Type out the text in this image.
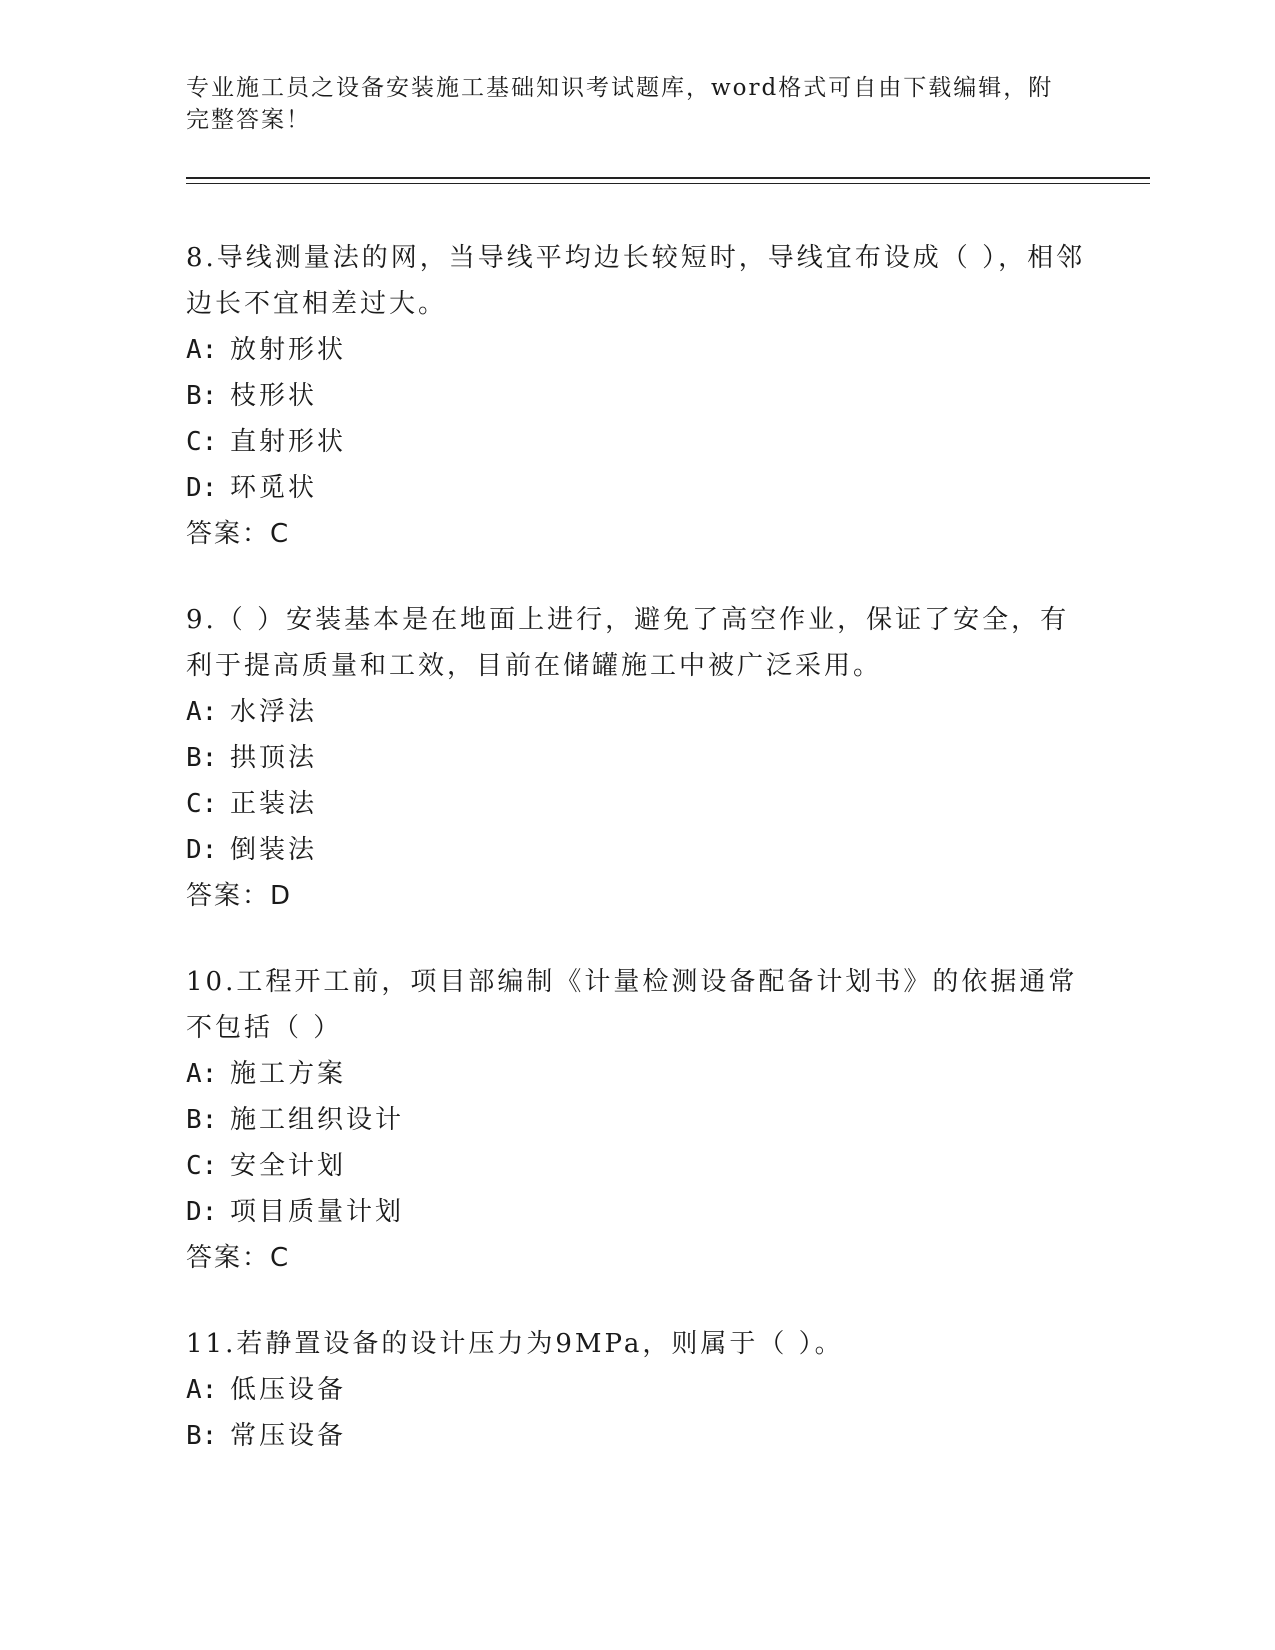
专业施工员之设备安装施工基础知识考试题库，word格式可自由下载编辑，附完整答案！
8.导线测量法的网，当导线平均边长较短时，导线宜布设成（ ），相邻边长不宜相差过大。
A: 放射形状
B: 枝形状
C: 直射形状
D: 环觅状
答案：C
9.（ ）安装基本是在地面上进行，避免了高空作业，保证了安全，有利于提高质量和工效，目前在储罐施工中被广泛采用。
A: 水浮法
B: 拱顶法
C: 正装法
D: 倒装法
答案：D
10.工程开工前，项目部编制《计量检测设备配备计划书》的依据通常不包括（ ）
A: 施工方案
B: 施工组织设计
C: 安全计划
D: 项目质量计划
答案：C
11.若静置设备的设计压力为9MPa，则属于（ ）。
A: 低压设备
B: 常压设备
